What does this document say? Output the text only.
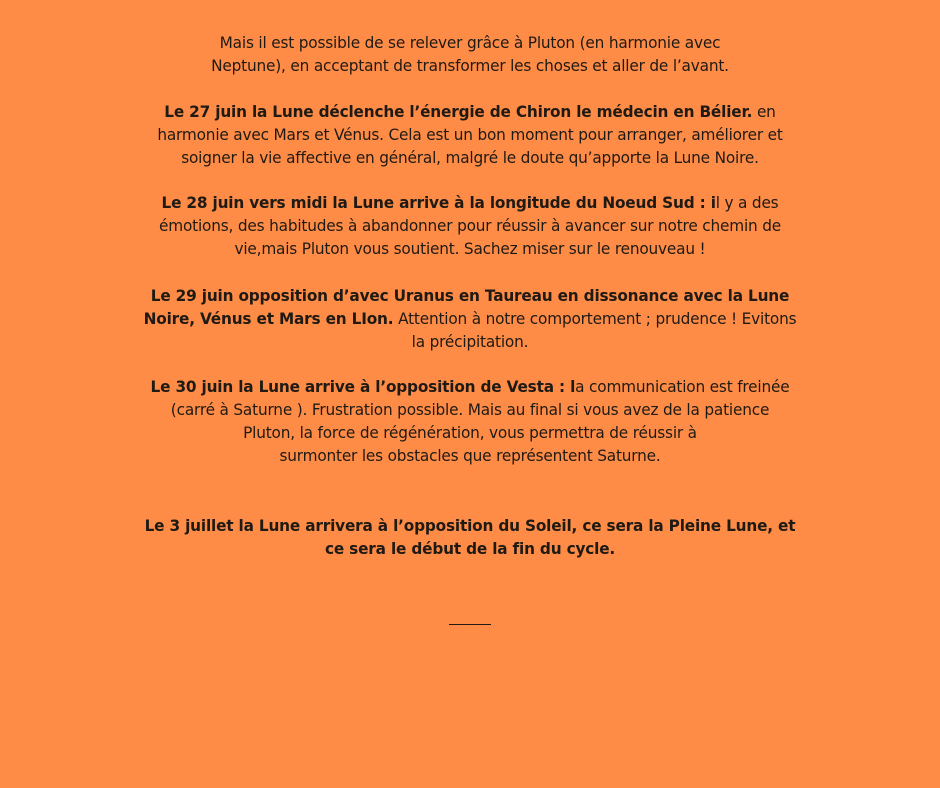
Mais il est possible de se relever grâce à Pluton (en harmonie avec
Neptune), en acceptant de transformer les choses et aller de l’avant.
Le 27 juin la Lune déclenche l’énergie de Chiron le médecin en Bélier. en
harmonie avec Mars et Vénus. Cela est un bon moment pour arranger, améliorer et
soigner la vie affective en général, malgré le doute qu’apporte la Lune Noire.
Le 28 juin vers midi la Lune arrive à la longitude du Noeud Sud : il y a des
émotions, des habitudes à abandonner pour réussir à avancer sur notre chemin de
vie,mais Pluton vous soutient. Sachez miser sur le renouveau !
Le 29 juin opposition d’avec Uranus en Taureau en dissonance avec la Lune
Noire, Vénus et Mars en LIon. Attention à notre comportement ; prudence ! Evitons
la précipitation.
Le 30 juin la Lune arrive à l’opposition de Vesta : la communication est freinée
(carré à Saturne ). Frustration possible. Mais au final si vous avez de la patience
Pluton, la force de régénération, vous permettra de réussir à
surmonter les obstacles que représentent Saturne.
Le 3 juillet la Lune arrivera à l’opposition du Soleil, ce sera la Pleine Lune, et
ce sera le début de la fin du cycle.
